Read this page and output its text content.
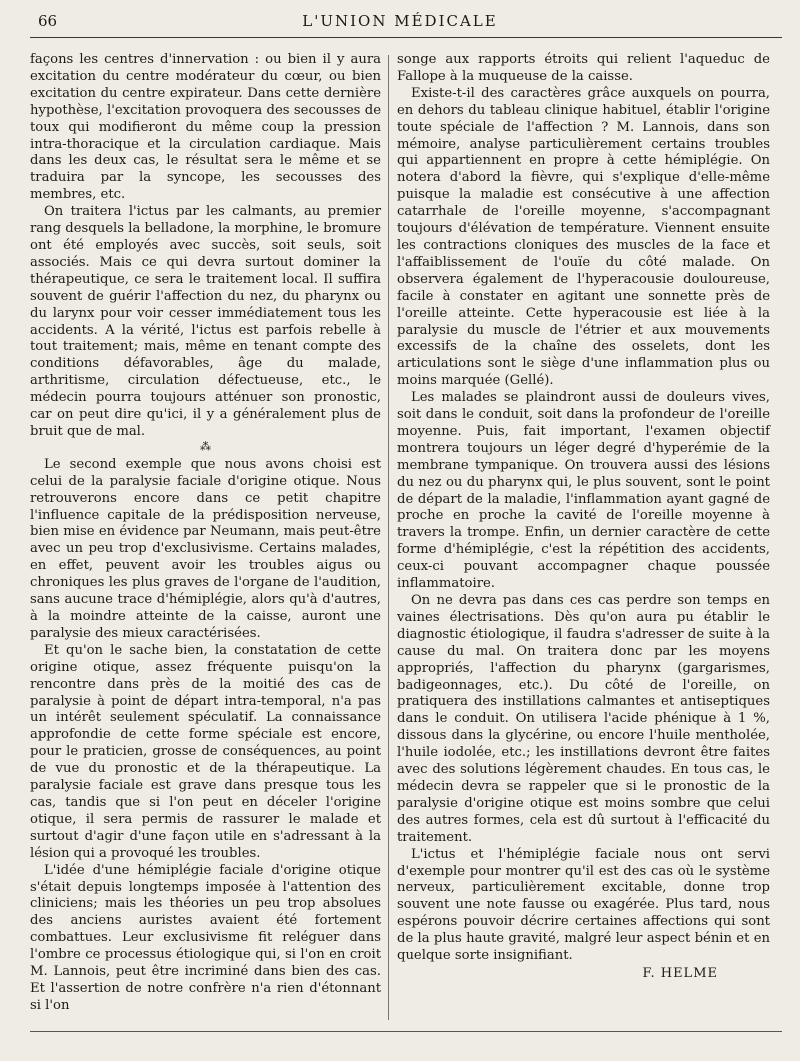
66	L'UNION MÉDICALE

façons les centres d'innervation : ou bien il y aura excitation du centre modérateur du cœur, ou bien excitation du centre expirateur. Dans cette dernière hypothèse, l'excitation provoquera des secousses de toux qui modifieront du même coup la pression intra-thoracique et la circulation cardiaque. Mais dans les deux cas, le résultat sera le même et se traduira par la syncope, les secousses des membres, etc.

On traitera l'ictus par les calmants, au premier rang desquels la belladone, la morphine, le bromure ont été employés avec succès, soit seuls, soit associés. Mais ce qui devra surtout dominer la thérapeutique, ce sera le traitement local. Il suffira souvent de guérir l'affection du nez, du pharynx ou du larynx pour voir cesser immédiatement tous les accidents. A la vérité, l'ictus est parfois rebelle à tout traitement; mais, même en tenant compte des conditions défavorables, âge du malade, arthritisme, circulation défectueuse, etc., le médecin pourra toujours atténuer son pronostic, car on peut dire qu'ici, il y a généralement plus de bruit que de mal.

⁂

Le second exemple que nous avons choisi est celui de la paralysie faciale d'origine otique. Nous retrouverons encore dans ce petit chapitre l'influence capitale de la prédisposition nerveuse, bien mise en évidence par Neumann, mais peut-être avec un peu trop d'exclusivisme. Certains malades, en effet, peuvent avoir les troubles aigus ou chroniques les plus graves de l'organe de l'audition, sans aucune trace d'hémiplégie, alors qu'à d'autres, à la moindre atteinte de la caisse, auront une paralysie des mieux caractérisées.

Et qu'on le sache bien, la constatation de cette origine otique, assez fréquente puisqu'on la rencontre dans près de la moitié des cas de paralysie à point de départ intra-temporal, n'a pas un intérêt seulement spéculatif. La connaissance approfondie de cette forme spéciale est encore, pour le praticien, grosse de conséquences, au point de vue du pronostic et de la thérapeutique. La paralysie faciale est grave dans presque tous les cas, tandis que si l'on peut en déceler l'origine otique, il sera permis de rassurer le malade et surtout d'agir d'une façon utile en s'adressant à la lésion qui a provoqué les troubles.

L'idée d'une hémiplégie faciale d'origine otique s'était depuis longtemps imposée à l'attention des cliniciens; mais les théories un peu trop absolues des anciens auristes avaient été fortement combattues. Leur exclusivisme fit reléguer dans l'ombre ce processus étiologique qui, si l'on en croit M. Lannois, peut être incriminé dans bien des cas. Et l'assertion de notre confrère n'a rien d'étonnant si l'on

songe aux rapports étroits qui relient l'aqueduc de Fallope à la muqueuse de la caisse.

Existe-t-il des caractères grâce auxquels on pourra, en dehors du tableau clinique habituel, établir l'origine toute spéciale de l'affection ? M. Lannois, dans son mémoire, analyse particulièrement certains troubles qui appartiennent en propre à cette hémiplégie. On notera d'abord la fièvre, qui s'explique d'elle-même puisque la maladie est consécutive à une affection catarrhale de l'oreille moyenne, s'accompagnant toujours d'élévation de température. Viennent ensuite les contractions cloniques des muscles de la face et l'affaiblissement de l'ouïe du côté malade. On observera également de l'hyperacousie douloureuse, facile à constater en agitant une sonnette près de l'oreille atteinte. Cette hyperacousie est liée à la paralysie du muscle de l'étrier et aux mouvements excessifs de la chaîne des osselets, dont les articulations sont le siège d'une inflammation plus ou moins marquée (Gellé).

Les malades se plaindront aussi de douleurs vives, soit dans le conduit, soit dans la profondeur de l'oreille moyenne. Puis, fait important, l'examen objectif montrera toujours un léger degré d'hyperémie de la membrane tympanique. On trouvera aussi des lésions du nez ou du pharynx qui, le plus souvent, sont le point de départ de la maladie, l'inflammation ayant gagné de proche en proche la cavité de l'oreille moyenne à travers la trompe. Enfin, un dernier caractère de cette forme d'hémiplégie, c'est la répétition des accidents, ceux-ci pouvant accompagner chaque poussée inflammatoire.

On ne devra pas dans ces cas perdre son temps en vaines électrisations. Dès qu'on aura pu établir le diagnostic étiologique, il faudra s'adresser de suite à la cause du mal. On traitera donc par les moyens appropriés, l'affection du pharynx (gargarismes, badigeonnages, etc.). Du côté de l'oreille, on pratiquera des instillations calmantes et antiseptiques dans le conduit. On utilisera l'acide phénique à 1 %, dissous dans la glycérine, ou encore l'huile mentholée, l'huile iodolée, etc.; les instillations devront être faites avec des solutions légèrement chaudes. En tous cas, le médecin devra se rappeler que si le pronostic de la paralysie d'origine otique est moins sombre que celui des autres formes, cela est dû surtout à l'efficacité du traitement.

L'ictus et l'hémiplégie faciale nous ont servi d'exemple pour montrer qu'il est des cas où le système nerveux, particulièrement excitable, donne trop souvent une note fausse ou exagérée. Plus tard, nous espérons pouvoir décrire certaines affections qui sont de la plus haute gravité, malgré leur aspect bénin et en quelque sorte insignifiant.

F. HELME
